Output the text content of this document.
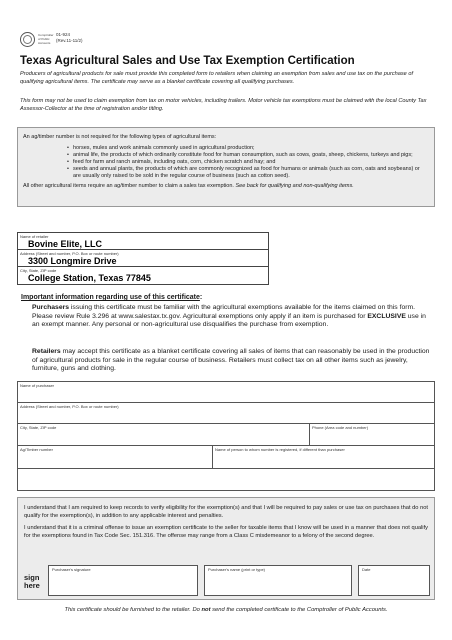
Comptroller
of Public
Accounts
01-924
(Rev.11-11/2)
Texas Agricultural Sales and Use Tax Exemption Certification
Producers of agricultural products for sale must provide this completed form to retailers when claiming an exemption from sales and use tax on the purchase of qualifying agricultural items. The certificate may serve as a blanket certificate covering all qualifying purchases.
This form may not be used to claim exemption from tax on motor vehicles, including trailers. Motor vehicle tax exemptions must be claimed with the local County Tax Assessor-Collector at the time of registration and/or titling.
An ag/timber number is not required for the following types of agricultural items:
• horses, mules and work animals commonly used in agricultural production;
• animal life, the products of which ordinarily constitute food for human consumption, such as cows, goats, sheep, chickens, turkeys and pigs;
• feed for farm and ranch animals, including oats, corn, chicken scratch and hay; and
• seeds and annual plants, the products of which are commonly recognized as food for humans or animals (such as corn, oats and soybeans) or are usually only raised to be sold in the regular course of business (such as cotton seed).
All other agricultural items require an ag/timber number to claim a sales tax exemption. See back for qualifying and non-qualifying items.
Name of retailer
Bovine Elite, LLC
Address (Street and number, P.O. Box or route number)
3300 Longmire Drive
City, State, ZIP code
College Station, Texas 77845
Important information regarding use of this certificate:
Purchasers issuing this certificate must be familiar with the agricultural exemptions available for the items claimed on this form. Please review Rule 3.296 at www.salestax.tx.gov. Agricultural exemptions only apply if an item is purchased for EXCLUSIVE use in an exempt manner. Any personal or non-agricultural use disqualifies the purchase from exemption.
Retailers may accept this certificate as a blanket certificate covering all sales of items that can reasonably be used in the production of agricultural products for sale in the regular course of business. Retailers must collect tax on all other items such as jewelry, furniture, guns and clothing.
Name of purchaser
Address (Street and number, P.O. Box or route number)
City, State, ZIP code	Phone (Area code and number)
Ag/Timber number	Name of person to whom number is registered, if different than purchaser

I understand that I am required to keep records to verify eligibility for the exemption(s) and that I will be required to pay sales or use tax on purchases that do not qualify for the exemption(s), in addition to any applicable interest and penalties.

I understand that it is a criminal offense to issue an exemption certificate to the seller for taxable items that I know will be used in a manner that does not qualify for the exemptions found in Tax Code Sec. 151.316. The offense may range from a Class C misdemeanor to a felony of the second degree.

sign
here
Purchaser's signature	Purchaser's name (print or type)	Date
This certificate should be furnished to the retailer. Do not send the completed certificate to the Comptroller of Public Accounts.
